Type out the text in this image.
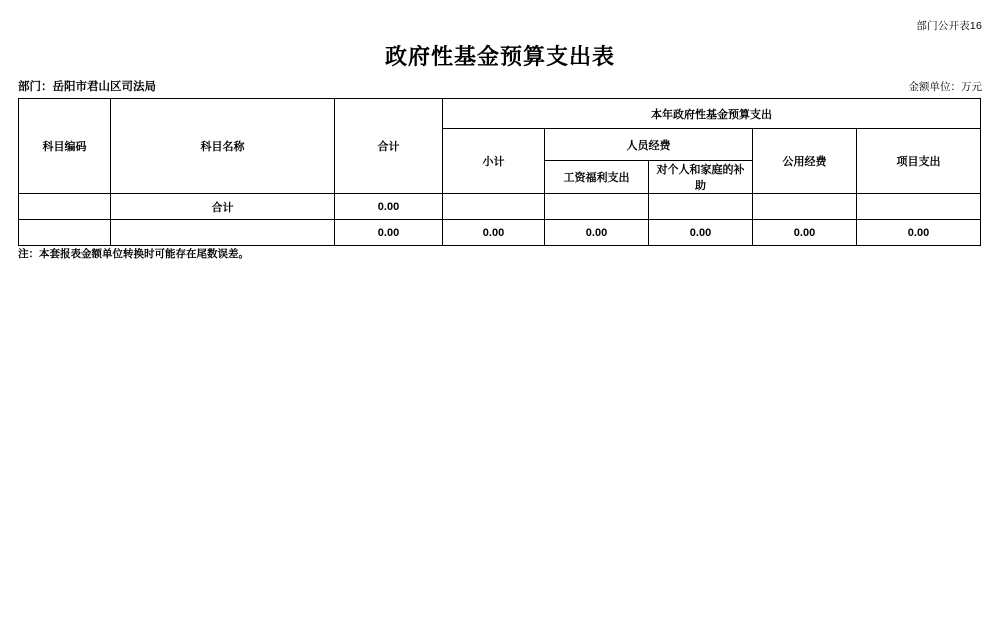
部门公开表16
政府性基金预算支出表
部门：岳阳市君山区司法局	金额单位：万元
科目编码	科目名称	合计	本年政府性基金预算支出				
			小计	人员经费		公用经费	项目支出
				工资福利支出	对个人和家庭的补助		
	合计	0.00					
		0.00	0.00	0.00	0.00	0.00	0.00
注：本套报表金额单位转换时可能存在尾数误差。
